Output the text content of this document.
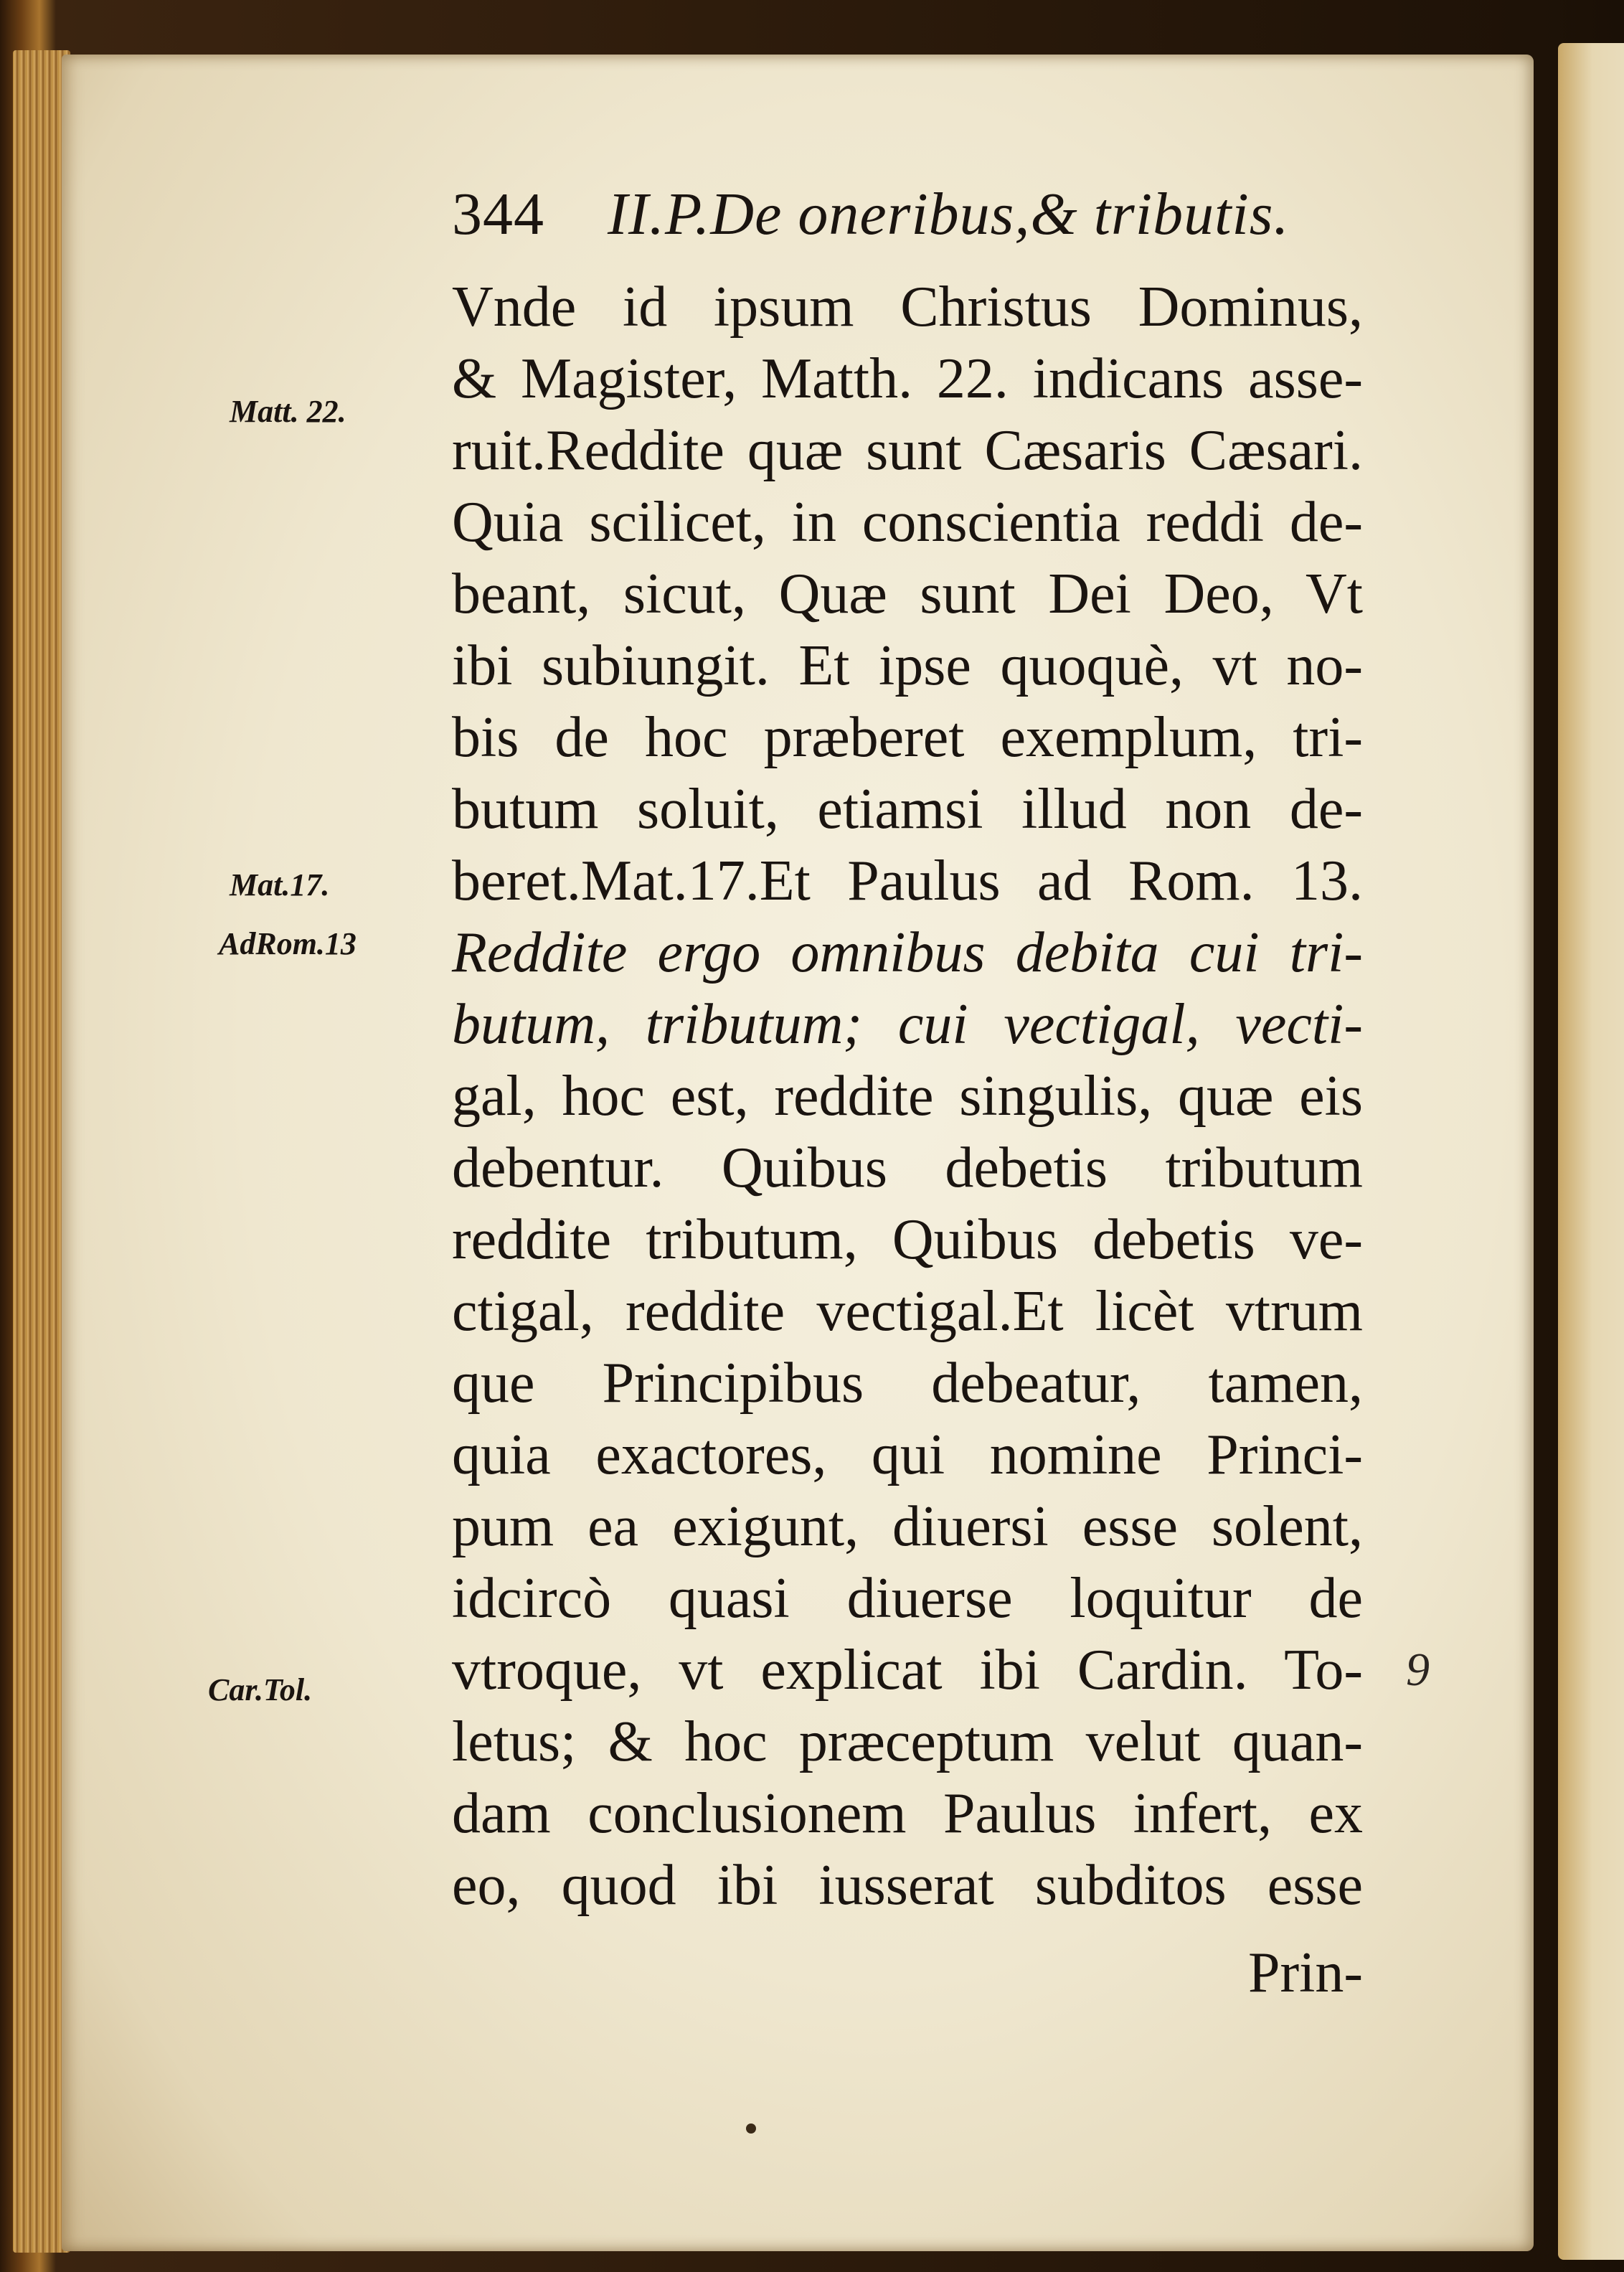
344 II.P.De oneribus,& tributis.
Matt. 22.
Mat.17.
AdRom.13
Car.Tol.
Vnde id ipsum Christus Dominus,
& Magister, Matth. 22. indicans asse-
ruit.Reddite quæ sunt Cæsaris Cæsari.
Quia scilicet, in conscientia reddi de-
beant, sicut, Quæ sunt Dei Deo, Vt
ibi subiungit. Et ipse quoquè, vt no-
bis de hoc præberet exemplum, tri-
butum soluit, etiamsi illud non de-
beret.Mat.17.Et Paulus ad Rom. 13.
Reddite ergo omnibus debita cui tri-
butum, tributum; cui vectigal, vecti-
gal, hoc est, reddite singulis, quæ eis
debentur. Quibus debetis tributum
reddite tributum, Quibus debetis ve-
ctigal, reddite vectigal.Et licèt vtrum
que Principibus debeatur, tamen,
quia exactores, qui nomine Princi-
pum ea exigunt, diuersi esse solent,
idcircò quasi diuerse loquitur de
vtroque, vt explicat ibi Cardin. To-
letus; & hoc præceptum velut quan-
dam conclusionem Paulus infert, ex
eo, quod ibi iusserat subditos esse
Prin-
9
